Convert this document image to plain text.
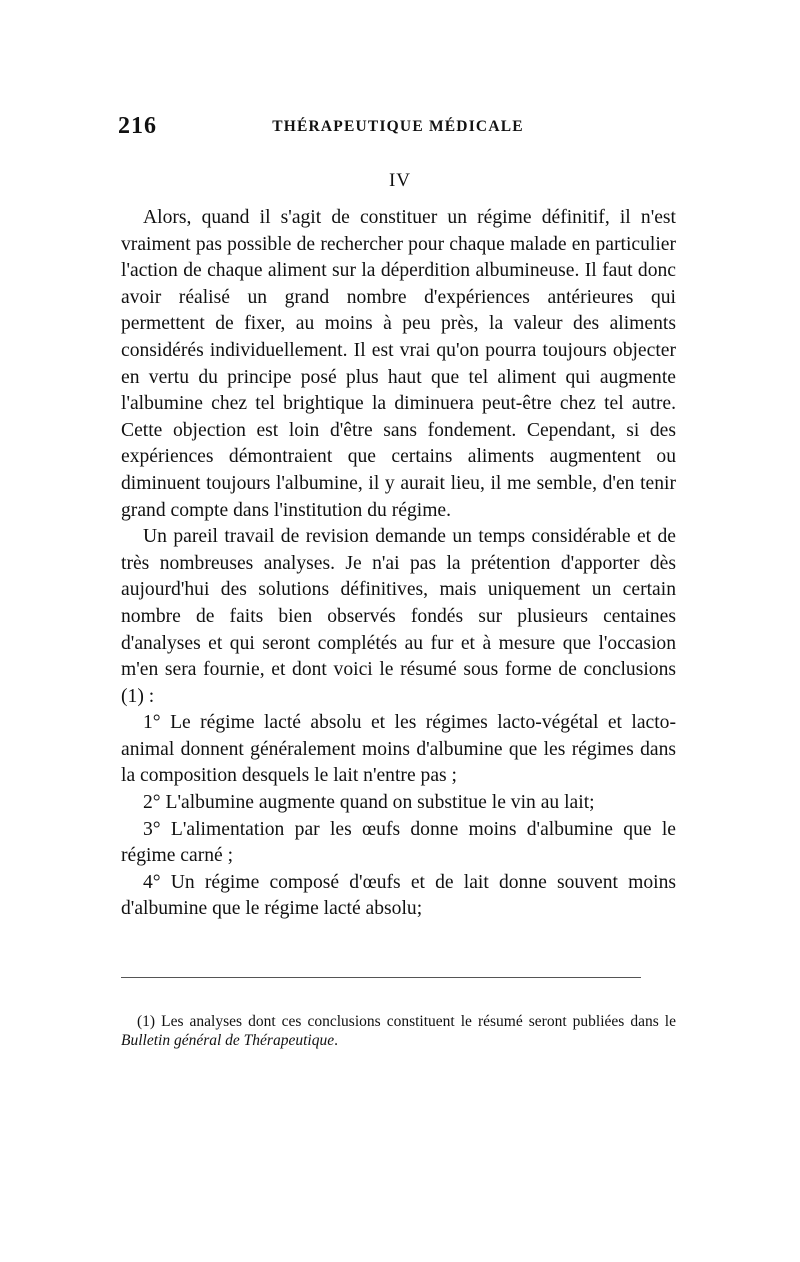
216	THÉRAPEUTIQUE MÉDICALE
IV

Alors, quand il s'agit de constituer un régime définitif, il n'est vraiment pas possible de rechercher pour chaque malade en particulier l'action de chaque aliment sur la déperdition albumineuse. Il faut donc avoir réalisé un grand nombre d'expériences antérieures qui permettent de fixer, au moins à peu près, la valeur des aliments considérés individuellement. Il est vrai qu'on pourra toujours objecter en vertu du principe posé plus haut que tel aliment qui augmente l'albumine chez tel brightique la diminuera peut-être chez tel autre. Cette objection est loin d'être sans fondement. Cependant, si des expériences démontraient que certains aliments augmentent ou diminuent toujours l'albumine, il y aurait lieu, il me semble, d'en tenir grand compte dans l'institution du régime.

Un pareil travail de revision demande un temps considérable et de très nombreuses analyses. Je n'ai pas la prétention d'apporter dès aujourd'hui des solutions définitives, mais uniquement un certain nombre de faits bien observés fondés sur plusieurs centaines d'analyses et qui seront complétés au fur et à mesure que l'occasion m'en sera fournie, et dont voici le résumé sous forme de conclusions (1) :

1° Le régime lacté absolu et les régimes lacto-végétal et lacto-animal donnent généralement moins d'albumine que les régimes dans la composition desquels le lait n'entre pas ;

2° L'albumine augmente quand on substitue le vin au lait;

3° L'alimentation par les œufs donne moins d'albumine que le régime carné ;

4° Un régime composé d'œufs et de lait donne souvent moins d'albumine que le régime lacté absolu;

(1) Les analyses dont ces conclusions constituent le résumé seront publiées dans le Bulletin général de Thérapeutique.
